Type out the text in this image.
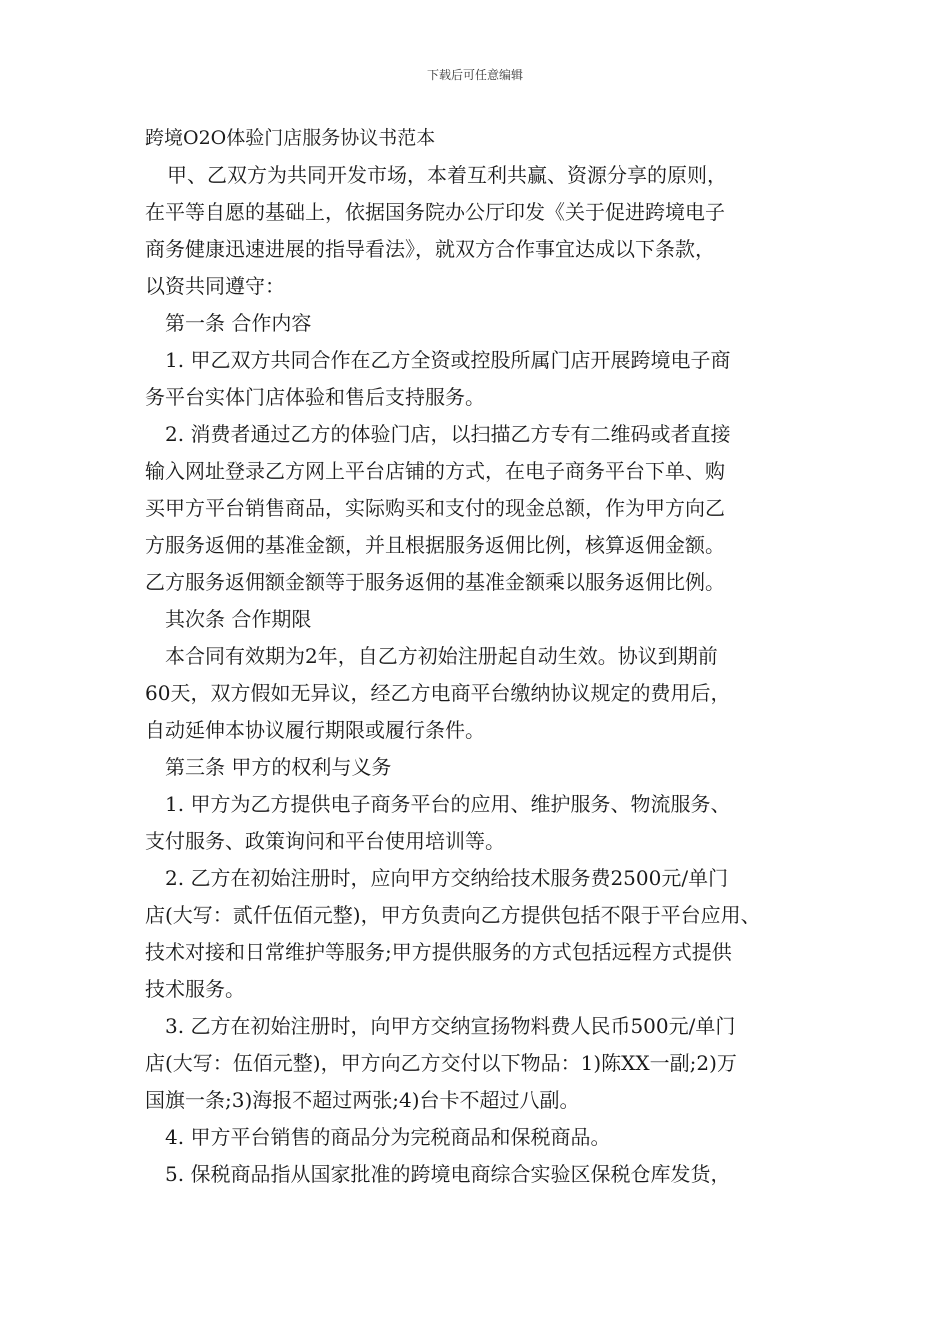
下载后可任意编辑
跨境O2O体验门店服务协议书范本
甲、乙双方为共同开发市场，本着互利共赢、资源分享的原则，
在平等自愿的基础上，依据国务院办公厅印发《关于促进跨境电子
商务健康迅速进展的指导看法》，就双方合作事宜达成以下条款，
以资共同遵守：
第一条 合作内容
1. 甲乙双方共同合作在乙方全资或控股所属门店开展跨境电子商
务平台实体门店体验和售后支持服务。
2. 消费者通过乙方的体验门店，以扫描乙方专有二维码或者直接
输入网址登录乙方网上平台店铺的方式，在电子商务平台下单、购
买甲方平台销售商品，实际购买和支付的现金总额，作为甲方向乙
方服务返佣的基准金额，并且根据服务返佣比例，核算返佣金额。
乙方服务返佣额金额等于服务返佣的基准金额乘以服务返佣比例。
其次条 合作期限
本合同有效期为2年，自乙方初始注册起自动生效。协议到期前
60天，双方假如无异议，经乙方电商平台缴纳协议规定的费用后，
自动延伸本协议履行期限或履行条件。
第三条 甲方的权利与义务
1. 甲方为乙方提供电子商务平台的应用、维护服务、物流服务、
支付服务、政策询问和平台使用培训等。
2. 乙方在初始注册时，应向甲方交纳给技术服务费2500元/单门
店(大写：贰仟伍佰元整)，甲方负责向乙方提供包括不限于平台应用、
技术对接和日常维护等服务;甲方提供服务的方式包括远程方式提供
技术服务。
3. 乙方在初始注册时，向甲方交纳宣扬物料费人民币500元/单门
店(大写：伍佰元整)，甲方向乙方交付以下物品：1)陈XX一副;2)万
国旗一条;3)海报不超过两张;4)台卡不超过八副。
4. 甲方平台销售的商品分为完税商品和保税商品。
5. 保税商品指从国家批准的跨境电商综合实验区保税仓库发货，
